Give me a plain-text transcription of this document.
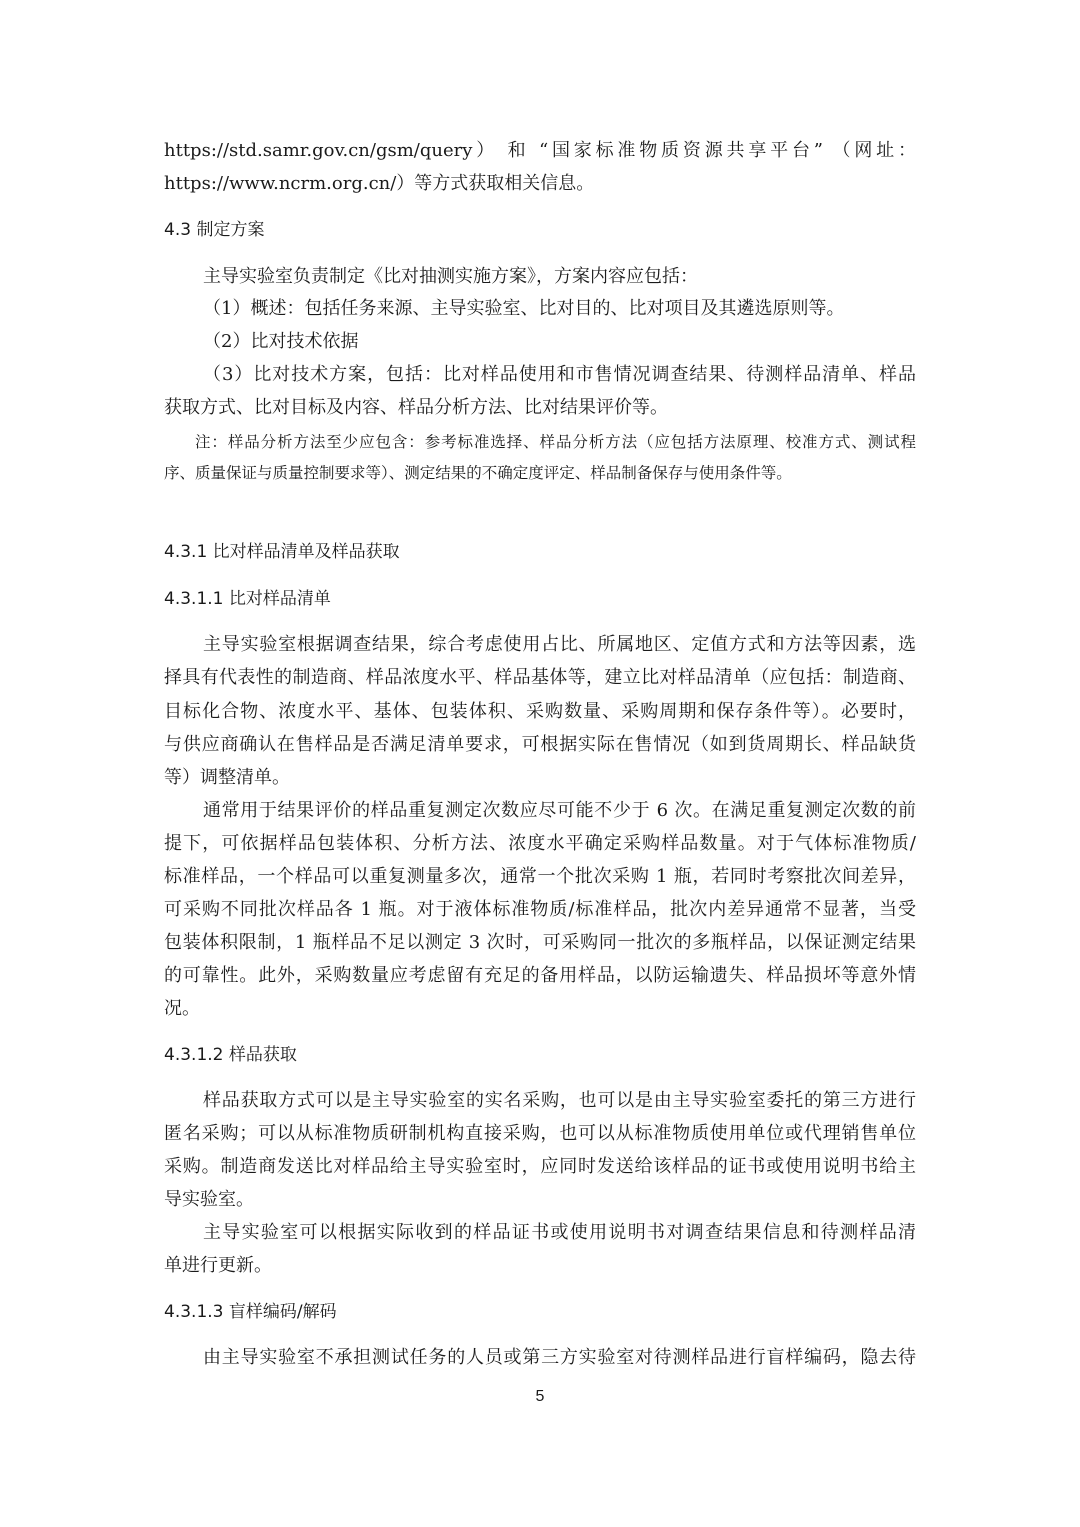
https://std.samr.gov.cn/gsm/query） 和 “国家标准物质资源共享平台” （网址：
https://www.ncrm.org.cn/）等方式获取相关信息。
4.3 制定方案
主导实验室负责制定《比对抽测实施方案》，方案内容应包括：
（1）概述：包括任务来源、主导实验室、比对目的、比对项目及其遴选原则等。
（2）比对技术依据
（3）比对技术方案，包括：比对样品使用和市售情况调查结果、待测样品清单、样品
获取方式、比对目标及内容、样品分析方法、比对结果评价等。
注：样品分析方法至少应包含：参考标准选择、样品分析方法（应包括方法原理、校准方式、测试程
序、质量保证与质量控制要求等）、测定结果的不确定度评定、样品制备保存与使用条件等。
4.3.1 比对样品清单及样品获取
4.3.1.1 比对样品清单
主导实验室根据调查结果，综合考虑使用占比、所属地区、定值方式和方法等因素，选
择具有代表性的制造商、样品浓度水平、样品基体等，建立比对样品清单（应包括：制造商、
目标化合物、浓度水平、基体、包装体积、采购数量、采购周期和保存条件等）。必要时，
与供应商确认在售样品是否满足清单要求，可根据实际在售情况（如到货周期长、样品缺货
等）调整清单。
通常用于结果评价的样品重复测定次数应尽可能不少于 6 次。在满足重复测定次数的前
提下，可依据样品包装体积、分析方法、浓度水平确定采购样品数量。对于气体标准物质/
标准样品，一个样品可以重复测量多次，通常一个批次采购 1 瓶，若同时考察批次间差异，
可采购不同批次样品各 1 瓶。对于液体标准物质/标准样品，批次内差异通常不显著，当受
包装体积限制，1 瓶样品不足以测定 3 次时，可采购同一批次的多瓶样品，以保证测定结果
的可靠性。此外，采购数量应考虑留有充足的备用样品，以防运输遗失、样品损坏等意外情
况。
4.3.1.2 样品获取
样品获取方式可以是主导实验室的实名采购，也可以是由主导实验室委托的第三方进行
匿名采购；可以从标准物质研制机构直接采购，也可以从标准物质使用单位或代理销售单位
采购。制造商发送比对样品给主导实验室时，应同时发送给该样品的证书或使用说明书给主
导实验室。
主导实验室可以根据实际收到的样品证书或使用说明书对调查结果信息和待测样品清
单进行更新。
4.3.1.3 盲样编码/解码
由主导实验室不承担测试任务的人员或第三方实验室对待测样品进行盲样编码，隐去待
5
